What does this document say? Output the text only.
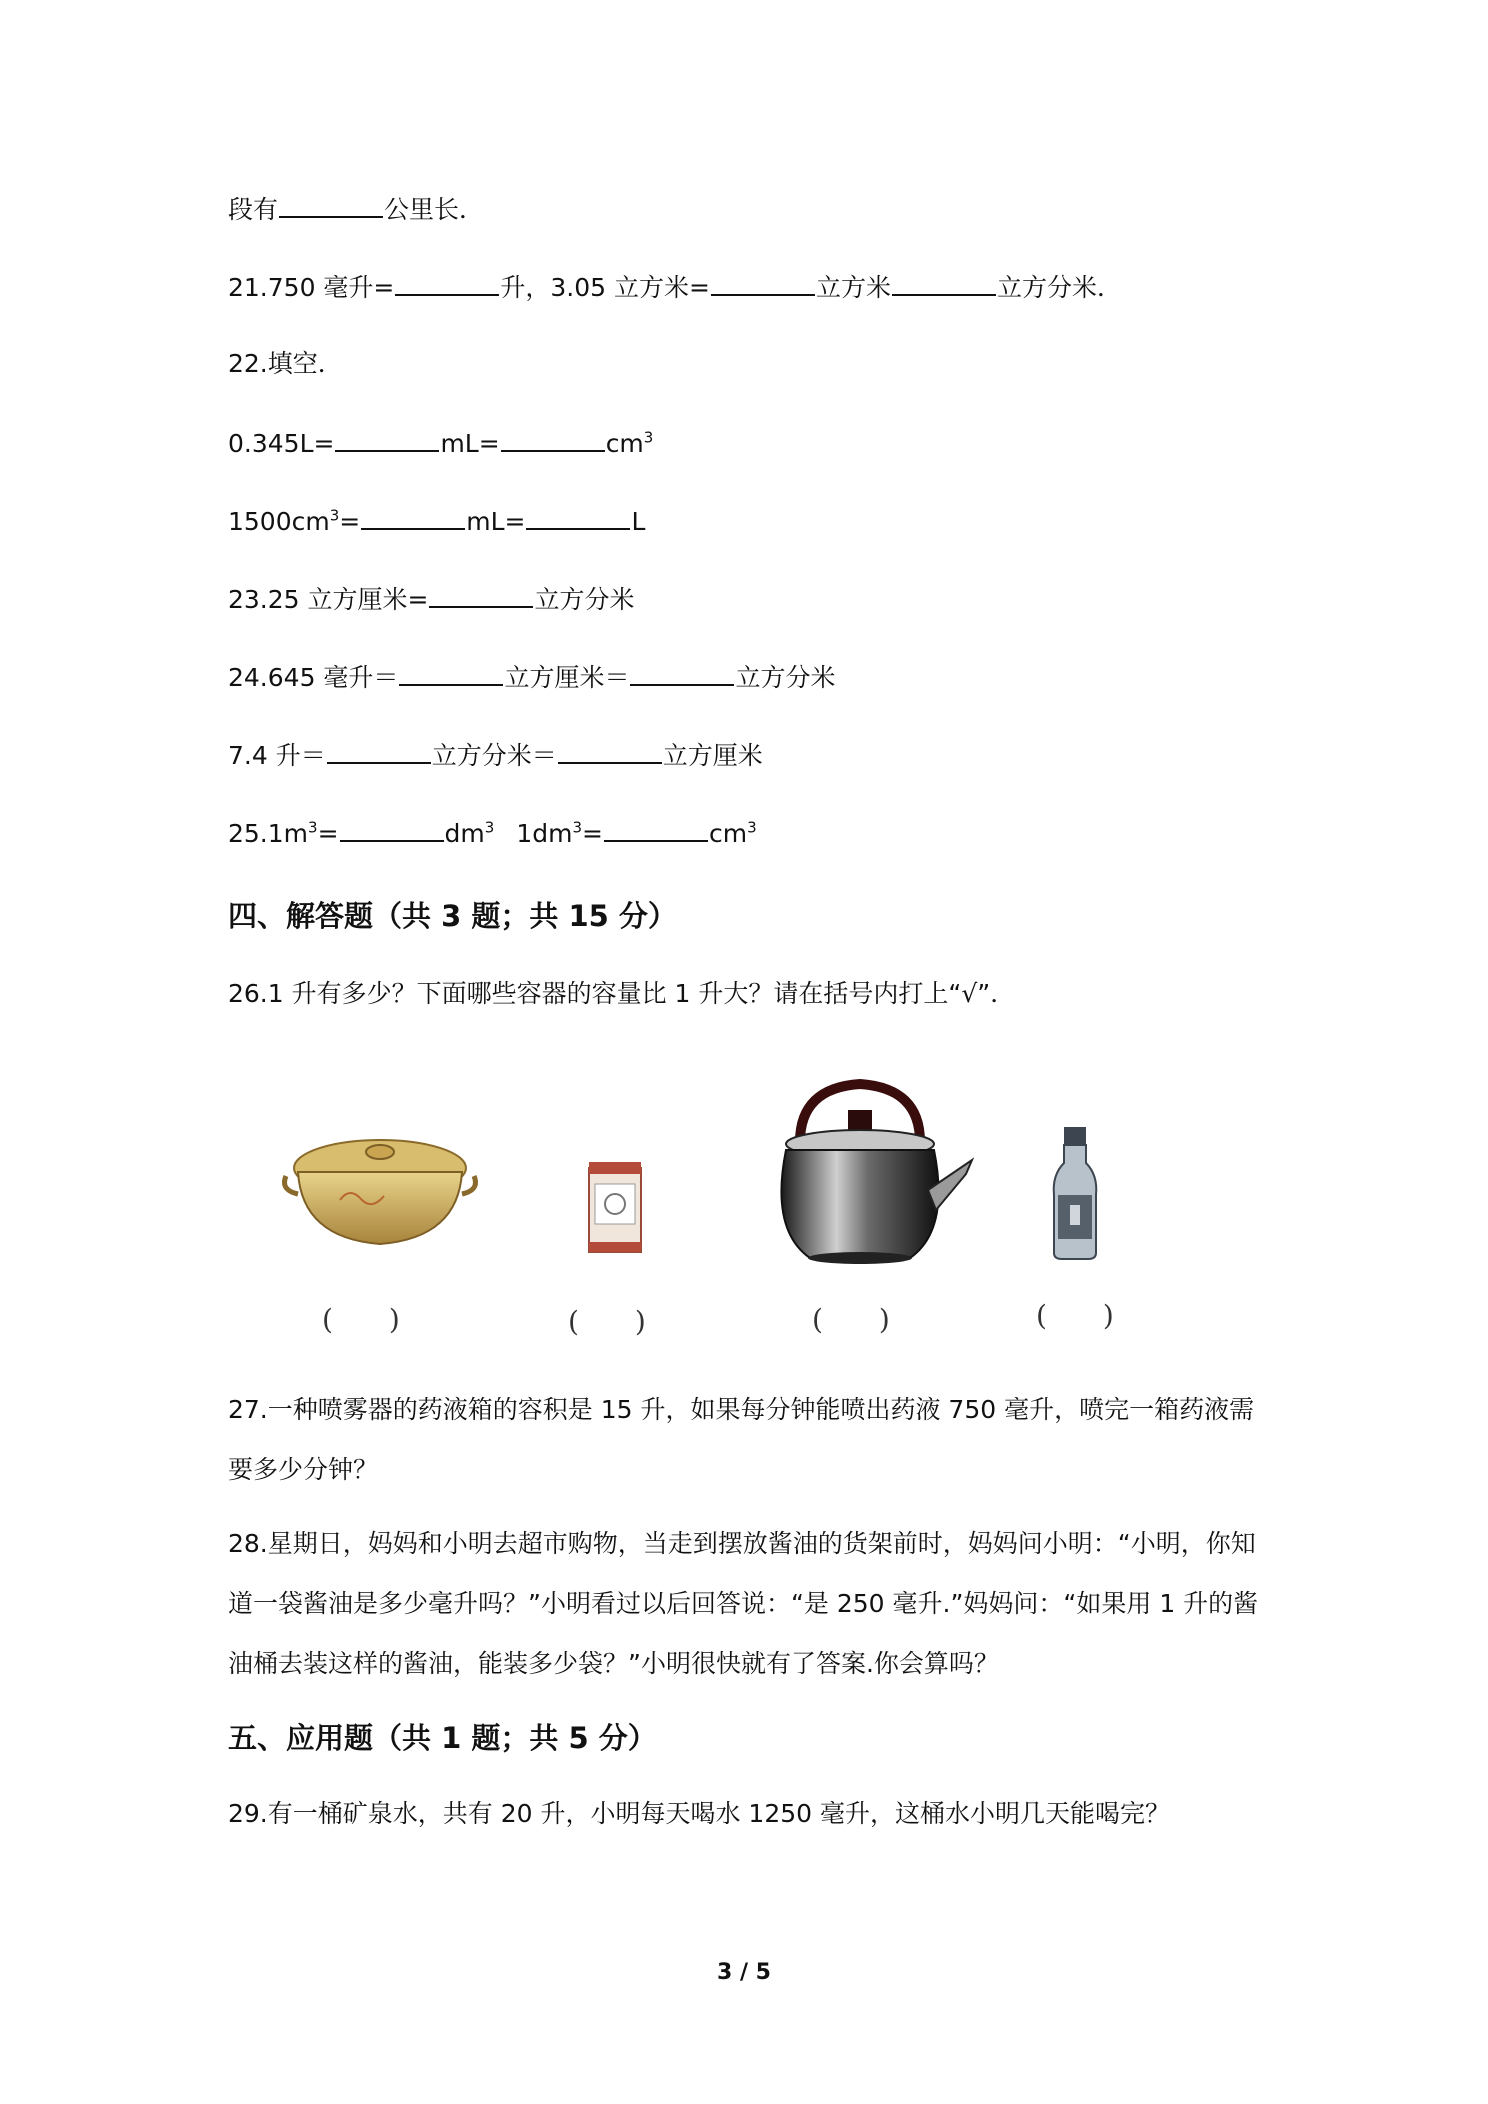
段有	公里长．
21.750 毫升=	升，3.05 立方米=	立方米	立方分米．
22.填空．
0.345L=	mL=	$cm^3$
$1500cm^3=$	mL=	L
23.25 立方厘米=	立方分米
24.645 毫升＝	立方厘米＝	立方分米
7.4 升＝	立方分米＝	立方厘米
$25.1m^3=$	$dm^3$ $1dm^3=$	$cm^3$
四、解答题（共 3 题；共 15 分）
26.1 升有多少？下面哪些容器的容量比 1 升大？请在括号内打上“√”．
(　　)	(　　)	(　　)	(　　)
27.一种喷雾器的药液箱的容积是 15 升，如果每分钟能喷出药液 750 毫升，喷完一箱药液需要多少分钟？
28.星期日，妈妈和小明去超市购物，当走到摆放酱油的货架前时，妈妈问小明：“小明，你知道一袋酱油是多少毫升吗？”小明看过以后回答说：“是 250 毫升.”妈妈问：“如果用 1 升的酱油桶去装这样的酱油，能装多少袋？”小明很快就有了答案.你会算吗？
五、应用题（共 1 题；共 5 分）
29.有一桶矿泉水，共有 20 升，小明每天喝水 1250 毫升，这桶水小明几天能喝完？
3 / 5
